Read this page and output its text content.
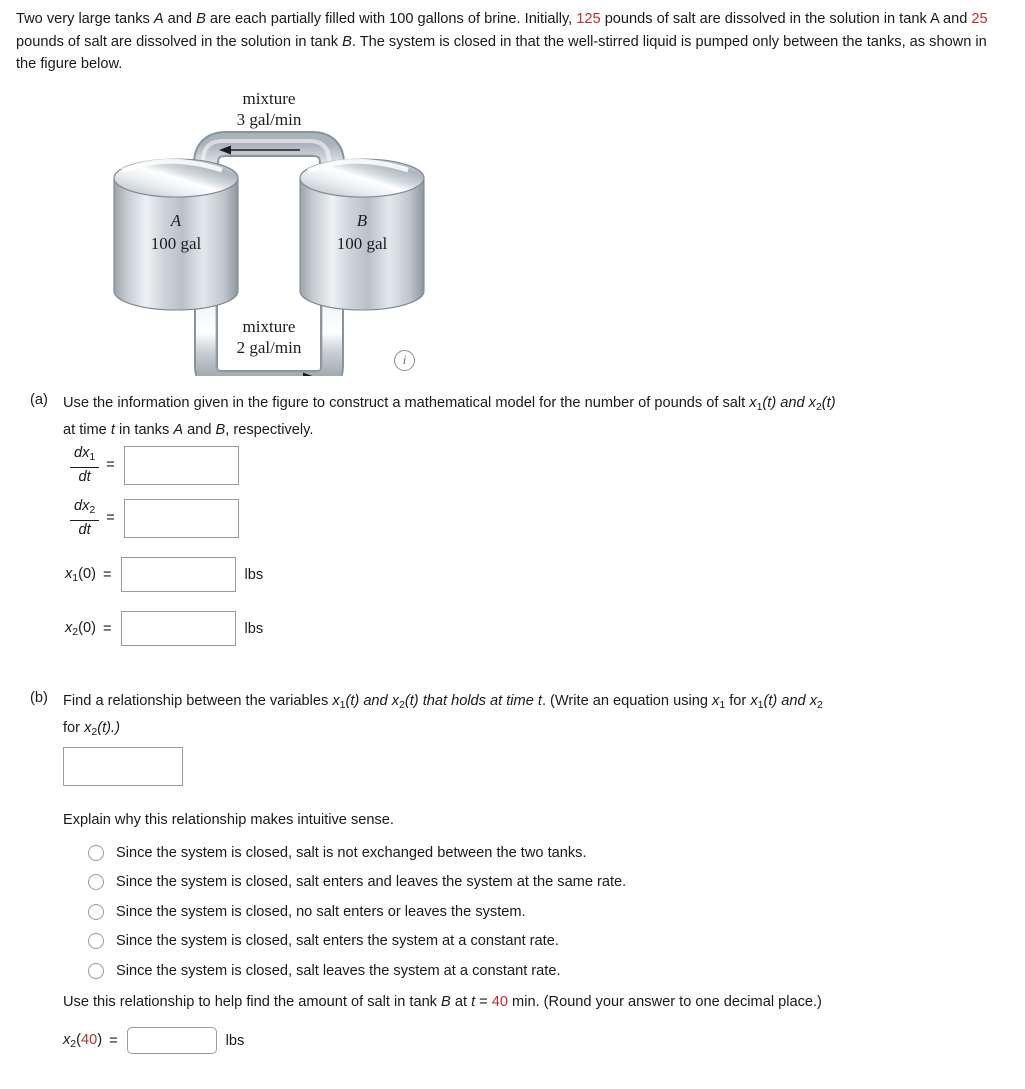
Two very large tanks A and B are each partially filled with 100 gallons of brine. Initially, 125 pounds of salt are dissolved in the solution in tank A and 25 pounds of salt are dissolved in the solution in tank B. The system is closed in that the well-stirred liquid is pumped only between the tanks, as shown in the figure below.
mixture
3 gal/min
A
100 gal
B
100 gal
mixture
2 gal/min
i
(a) Use the information given in the figure to construct a mathematical model for the number of pounds of salt $x_1(t)$ and $x_2(t)$
at time t in tanks A and B, respectively.
$\frac{dx_1}{dt}$ =
$\frac{dx_2}{dt}$ =
$x_1(0)$ =	lbs
$x_2(0)$ =	lbs
(b) Find a relationship between the variables $x_1(t)$ and $x_2(t)$ that holds at time t. (Write an equation using $x_1$ for $x_1(t)$ and $x_2$
for $x_2(t)$.)
Explain why this relationship makes intuitive sense.
Since the system is closed, salt is not exchanged between the two tanks.
Since the system is closed, salt enters and leaves the system at the same rate.
Since the system is closed, no salt enters or leaves the system.
Since the system is closed, salt enters the system at a constant rate.
Since the system is closed, salt leaves the system at a constant rate.
Use this relationship to help find the amount of salt in tank B at t = 40 min. (Round your answer to one decimal place.)
$x_2(40)$ =	lbs
